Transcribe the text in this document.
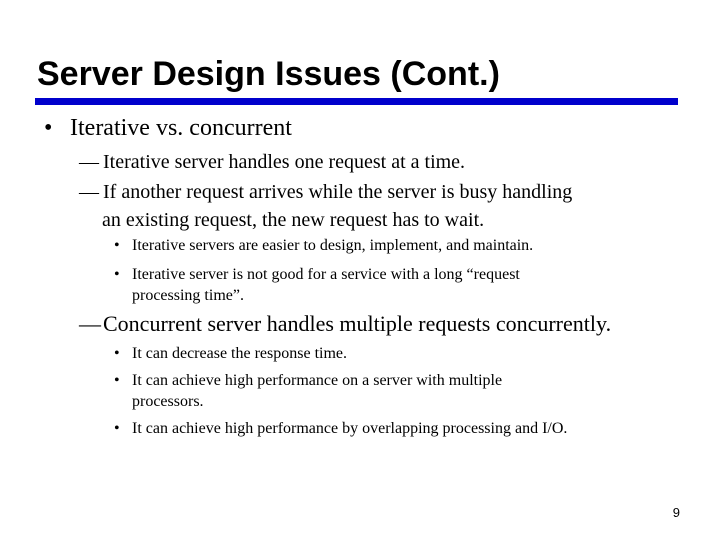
Server Design Issues (Cont.)
• Iterative vs. concurrent
— Iterative server handles one request at a time.
— If another request arrives while the server is busy handling
an existing request, the new request has to wait.
• Iterative servers are easier to design, implement, and maintain.
• Iterative server is not good for a service with a long “request
processing time”.
— Concurrent server handles multiple requests concurrently.
• It can decrease the response time.
• It can achieve high performance on a server with multiple
processors.
• It can achieve high performance by overlapping processing and I/O.
9
